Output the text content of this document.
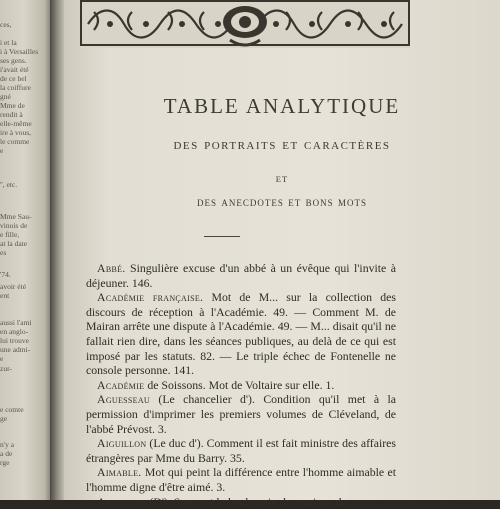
ces,
i et la
i à Versailles
ses gens.
i'avait été
de ce bel
la coiffure
gné
Mme de
rendit à
elle-même
ire à vous,
le comme
e
'', etc.
Mme Sau-
vinois de
e fille,
at la date
es
'74.
avoir été
ent
aussi l'ami
en anglo-
lui trouve
une admi-
e
zur-
e comte
ge
n'y a
a de
rge
TABLE ANALYTIQUE
des portraits et caractères
ET
des anecdotes et bons mots

Abbé. Singulière excuse d'un abbé à un évêque qui l'invite à déjeuner. 146.

Académie française. Mot de M... sur la collection des discours de réception à l'Académie. 49. — Comment M. de Mairan arrête une dispute à l'Académie. 49. — M... disait qu'il ne fallait rien dire, dans les séances publiques, au delà de ce qui est imposé par les statuts. 82. — Le triple échec de Fontenelle ne console personne. 141.

Académie de Soissons. Mot de Voltaire sur elle. 1.

Aguesseau (Le chancelier d'). Condition qu'il met à la permission d'imprimer les premiers volumes de Cléveland, de l'abbé Prévost. 3.

Aiguillon (Le duc d'). Comment il est fait ministre des affaires étrangères par Mme du Barry. 35.

Aimable. Mot qui peint la différence entre l'homme aimable et l'homme digne d'être aimé. 3.

Aiguillon (D'). Son mot le lendemain du mariage de
